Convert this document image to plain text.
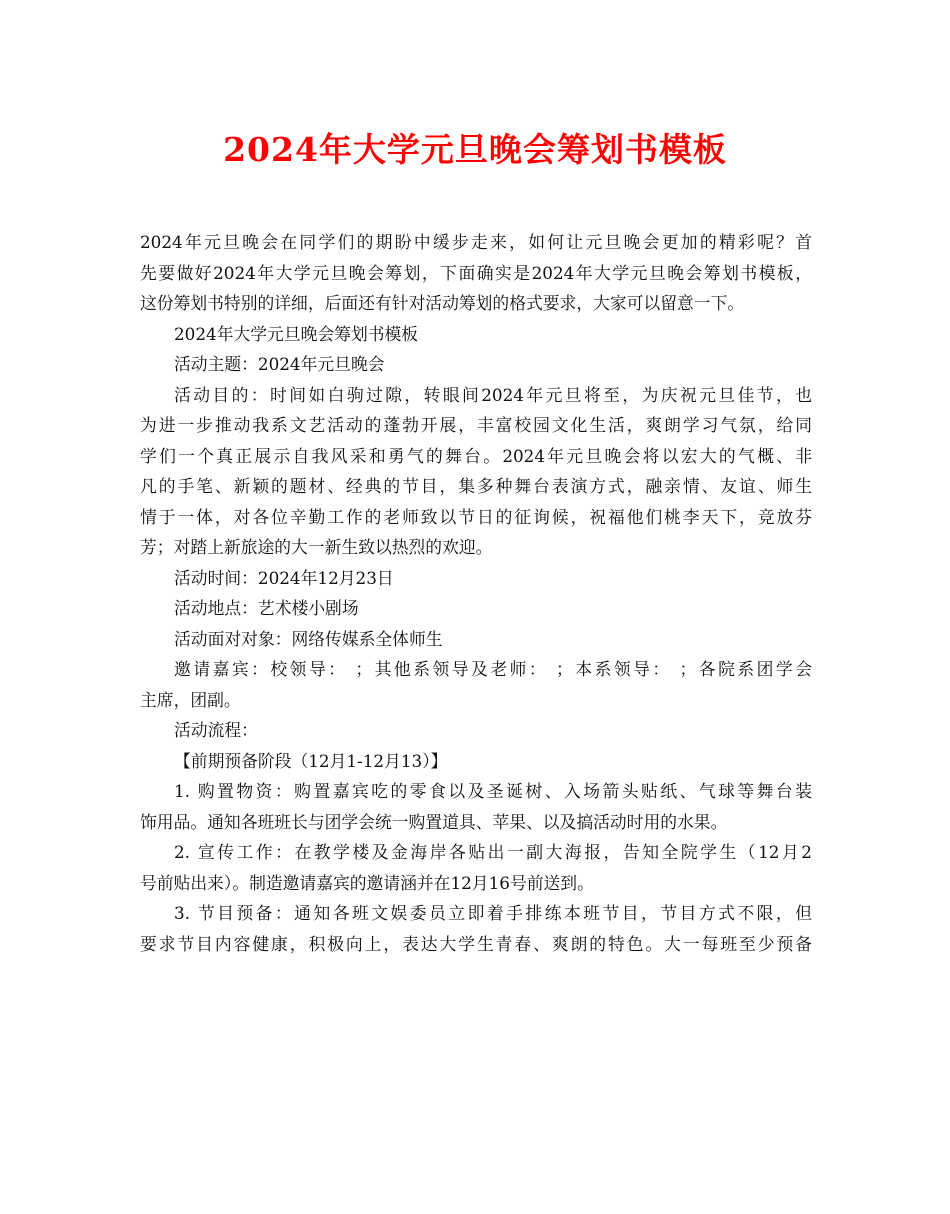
2024年大学元旦晚会筹划书模板
2024年元旦晚会在同学们的期盼中缓步走来，如何让元旦晚会更加的精彩呢？首
先要做好2024年大学元旦晚会筹划，下面确实是2024年大学元旦晚会筹划书模板，
这份筹划书特别的详细，后面还有针对活动筹划的格式要求，大家可以留意一下。
2024年大学元旦晚会筹划书模板
活动主题：2024年元旦晚会
活动目的：时间如白驹过隙，转眼间2024年元旦将至，为庆祝元旦佳节，也
为进一步推动我系文艺活动的蓬勃开展，丰富校园文化生活，爽朗学习气氛，给同
学们一个真正展示自我风采和勇气的舞台。2024年元旦晚会将以宏大的气概、非
凡的手笔、新颖的题材、经典的节目，集多种舞台表演方式，融亲情、友谊、师生
情于一体，对各位辛勤工作的老师致以节日的征询候，祝福他们桃李天下，竞放芬
芳；对踏上新旅途的大一新生致以热烈的欢迎。
活动时间：2024年12月23日
活动地点：艺术楼小剧场
活动面对对象：网络传媒系全体师生
邀请嘉宾：校领导： ；其他系领导及老师： ；本系领导： ；各院系团学会
主席，团副。
活动流程：
【前期预备阶段（12月1-12月13）】
1. 购置物资：购置嘉宾吃的零食以及圣诞树、入场箭头贴纸、气球等舞台装
饰用品。通知各班班长与团学会统一购置道具、苹果、以及搞活动时用的水果。
2. 宣传工作：在教学楼及金海岸各贴出一副大海报，告知全院学生（12月2
号前贴出来）。制造邀请嘉宾的邀请涵并在12月16号前送到。
3. 节目预备：通知各班文娱委员立即着手排练本班节目，节目方式不限，但
要求节目内容健康，积极向上，表达大学生青春、爽朗的特色。大一每班至少预备
